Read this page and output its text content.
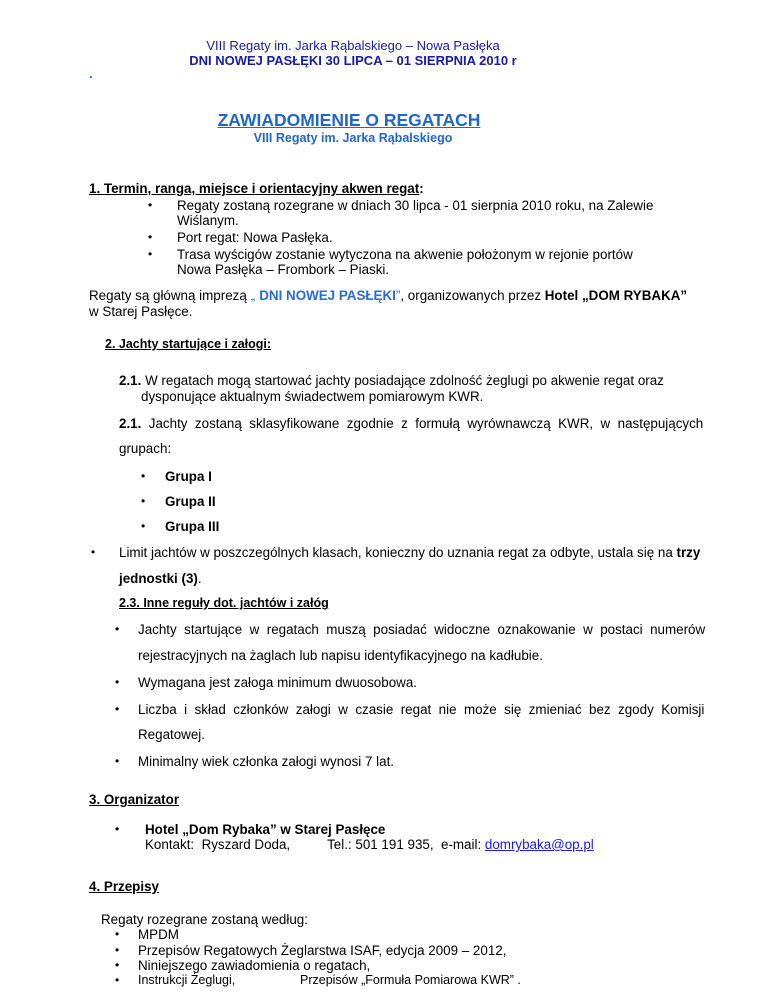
VIII Regaty im. Jarka Rąbalskiego – Nowa Pasłęka
DNI NOWEJ PASŁĘKI 30 LIPCA – 01 SIERPNIA 2010 r
.
ZAWIADOMIENIE O REGATACH
VIII Regaty im. Jarka Rąbalskiego
1. Termin, ranga, miejsce i orientacyjny akwen regat:
• Regaty zostaną rozegrane w dniach 30 lipca - 01 sierpnia 2010 roku, na Zalewie
Wiślanym.
• Port regat: Nowa Pasłęka.
• Trasa wyścigów zostanie wytyczona na akwenie położonym w rejonie portów
Nowa Pasłęka – Frombork – Piaski.
Regaty są główną imprezą „ DNI NOWEJ PASŁĘKI”, organizowanych przez Hotel „DOM RYBAKA”
w Starej Pasłęce.
2. Jachty startujące i załogi:
2.1. W regatach mogą startować jachty posiadające zdolność żeglugi po akwenie regat oraz
dysponujące aktualnym świadectwem pomiarowym KWR.
2.1.  Jachty  zostaną  sklasyfikowane  zgodnie  z  formułą  wyrównawczą  KWR,  w  następujących
grupach:
• Grupa I
• Grupa II
• Grupa III
• Limit jachtów w poszczególnych klasach, konieczny do uznania regat za odbyte, ustala się na trzy
jednostki (3).
2.3. Inne reguły dot. jachtów i załóg
• Jachty  startujące  w  regatach  muszą  posiadać  widoczne  oznakowanie  w  postaci  numerów
rejestracyjnych na żaglach lub napisu identyfikacyjnego na kadłubie.
• Wymagana jest załoga minimum dwuosobowa.
• Liczba  i  skład  członków  załogi  w  czasie  regat  nie  może  się  zmieniać  bez  zgody  Komisji
Regatowej.
• Minimalny wiek członka załogi wynosi 7 lat.
3. Organizator
• Hotel „Dom Rybaka” w Starej Pasłęce
Kontakt:  Ryszard Doda,          Tel.: 501 191 935,  e-mail: domrybaka@op.pl
4. Przepisy
Regaty rozegrane zostaną według:
• MPDM
• Przepisów Regatowych Żeglarstwa ISAF, edycja 2009 – 2012,
• Niniejszego zawiadomienia o regatach,
• Instrukcji Żeglugi,	Przepisów „Formuła Pomiarowa KWR” .
